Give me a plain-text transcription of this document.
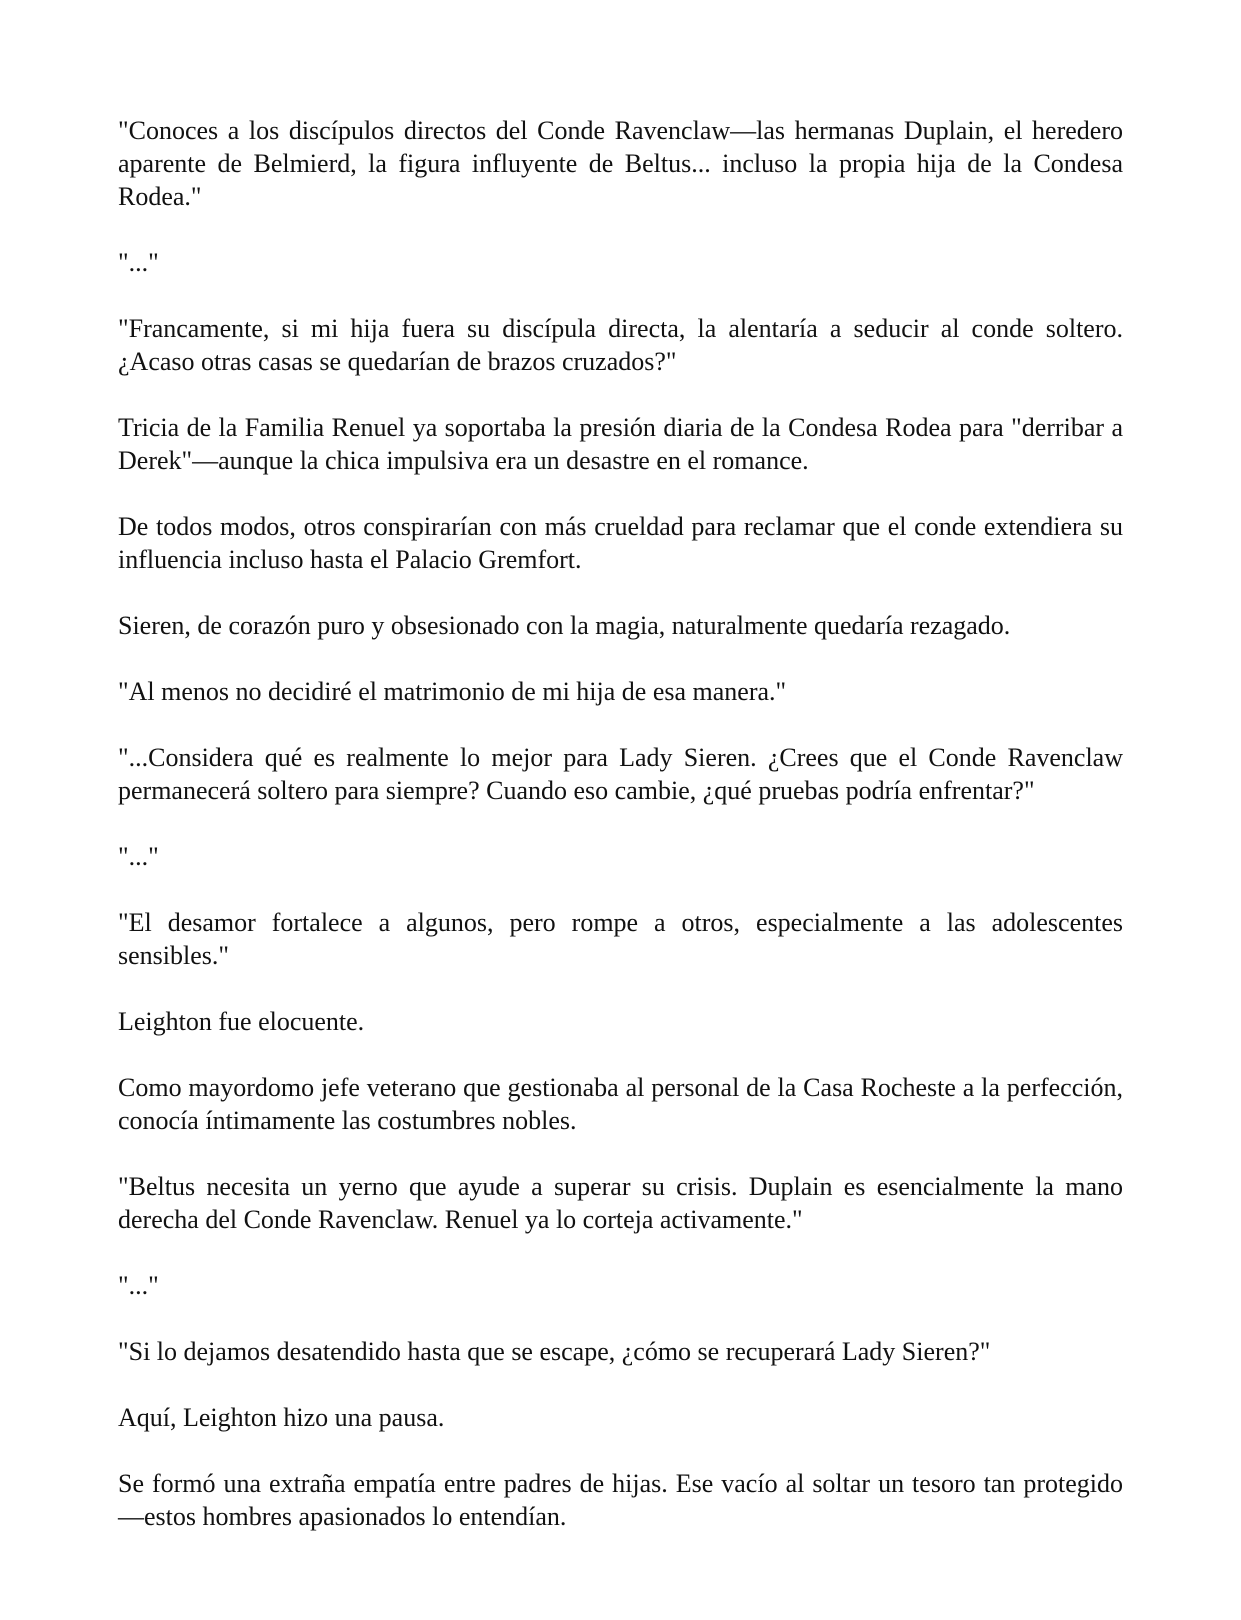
"Conoces a los discípulos directos del Conde Ravenclaw—las hermanas Duplain, el heredero aparente de Belmierd, la figura influyente de Beltus... incluso la propia hija de la Condesa Rodea."

"..."

"Francamente, si mi hija fuera su discípula directa, la alentaría a seducir al conde soltero. ¿Acaso otras casas se quedarían de brazos cruzados?"

Tricia de la Familia Renuel ya soportaba la presión diaria de la Condesa Rodea para "derribar a Derek"—aunque la chica impulsiva era un desastre en el romance.

De todos modos, otros conspirarían con más crueldad para reclamar que el conde extendiera su influencia incluso hasta el Palacio Gremfort.

Sieren, de corazón puro y obsesionado con la magia, naturalmente quedaría rezagado.

"Al menos no decidiré el matrimonio de mi hija de esa manera."

"...Considera qué es realmente lo mejor para Lady Sieren. ¿Crees que el Conde Ravenclaw permanecerá soltero para siempre? Cuando eso cambie, ¿qué pruebas podría enfrentar?"

"..."

"El desamor fortalece a algunos, pero rompe a otros, especialmente a las adolescentes sensibles."

Leighton fue elocuente.

Como mayordomo jefe veterano que gestionaba al personal de la Casa Rocheste a la perfección, conocía íntimamente las costumbres nobles.

"Beltus necesita un yerno que ayude a superar su crisis. Duplain es esencialmente la mano derecha del Conde Ravenclaw. Renuel ya lo corteja activamente."

"..."

"Si lo dejamos desatendido hasta que se escape, ¿cómo se recuperará Lady Sieren?"

Aquí, Leighton hizo una pausa.

Se formó una extraña empatía entre padres de hijas. Ese vacío al soltar un tesoro tan protegido—estos hombres apasionados lo entendían.
